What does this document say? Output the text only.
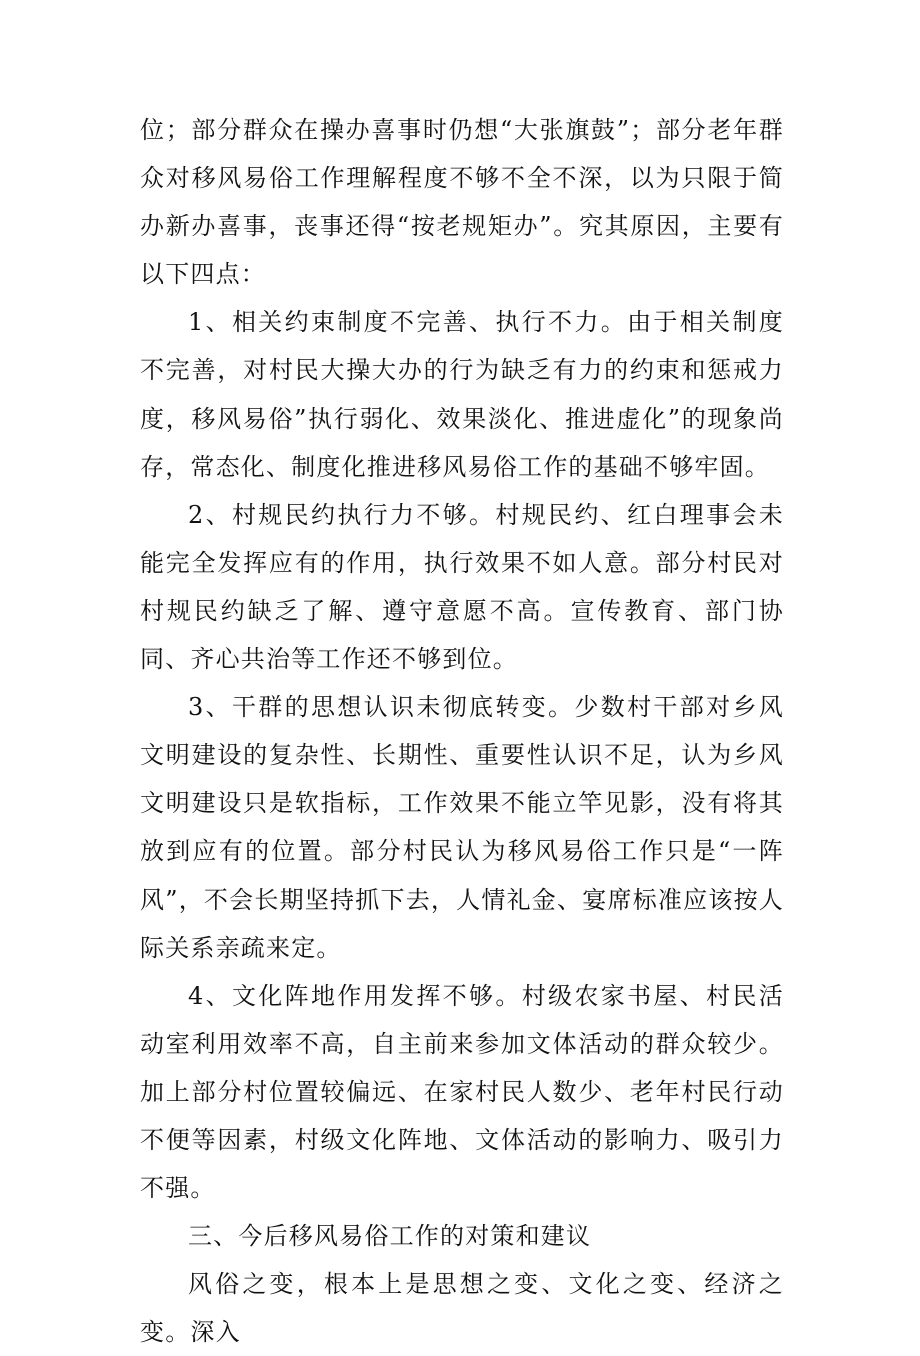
位；部分群众在操办喜事时仍想“大张旗鼓”；部分老年群众对移风易俗工作理解程度不够不全不深，以为只限于简办新办喜事，丧事还得“按老规矩办”。究其原因，主要有以下四点：

1、相关约束制度不完善、执行不力。由于相关制度不完善，对村民大操大办的行为缺乏有力的约束和惩戒力度，移风易俗”执行弱化、效果淡化、推进虚化”的现象尚存，常态化、制度化推进移风易俗工作的基础不够牢固。

2、村规民约执行力不够。村规民约、红白理事会未能完全发挥应有的作用，执行效果不如人意。部分村民对村规民约缺乏了解、遵守意愿不高。宣传教育、部门协同、齐心共治等工作还不够到位。

3、干群的思想认识未彻底转变。少数村干部对乡风文明建设的复杂性、长期性、重要性认识不足，认为乡风文明建设只是软指标，工作效果不能立竿见影，没有将其放到应有的位置。部分村民认为移风易俗工作只是“一阵风”，不会长期坚持抓下去，人情礼金、宴席标准应该按人际关系亲疏来定。

4、文化阵地作用发挥不够。村级农家书屋、村民活动室利用效率不高，自主前来参加文体活动的群众较少。加上部分村位置较偏远、在家村民人数少、老年村民行动不便等因素，村级文化阵地、文体活动的影响力、吸引力不强。

三、今后移风易俗工作的对策和建议

风俗之变，根本上是思想之变、文化之变、经济之变。深入
